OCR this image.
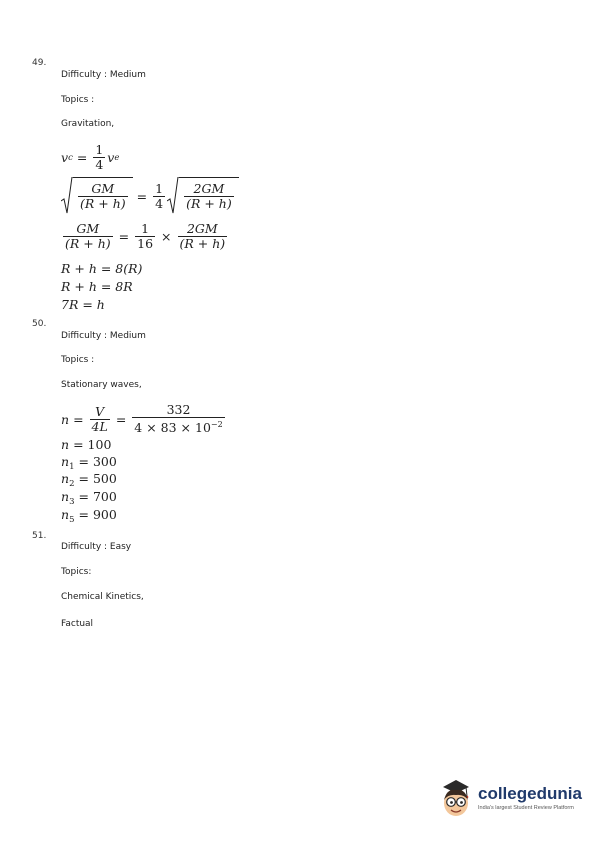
49.
Difficulty : Medium
Topics :
Gravitation,
v $c = \frac{1}{4}$ v e
$\frac{GM}{(R + h)} = \frac{1}{4} \frac{2GM}{(R + h)}$
$\frac{GM}{(R + h)} = \frac{1}{16} \times \frac{2GM}{(R + h)}$
R + h = 8(R)
R + h = 8R
7R = h
50.
Difficulty : Medium
Topics :
Stationary waves,
$n = \frac{V}{4L} = \frac{332}{4 \times 83 \times 10^{-2}}$
n = 100
$n_1 = 300$
$n_2 = 500$
$n_3 = 700$
$n_5 = 900$
51.
Difficulty : Easy
Topics:
Chemical Kinetics,
Factual
collegedunia
India's largest Student Review Platform
